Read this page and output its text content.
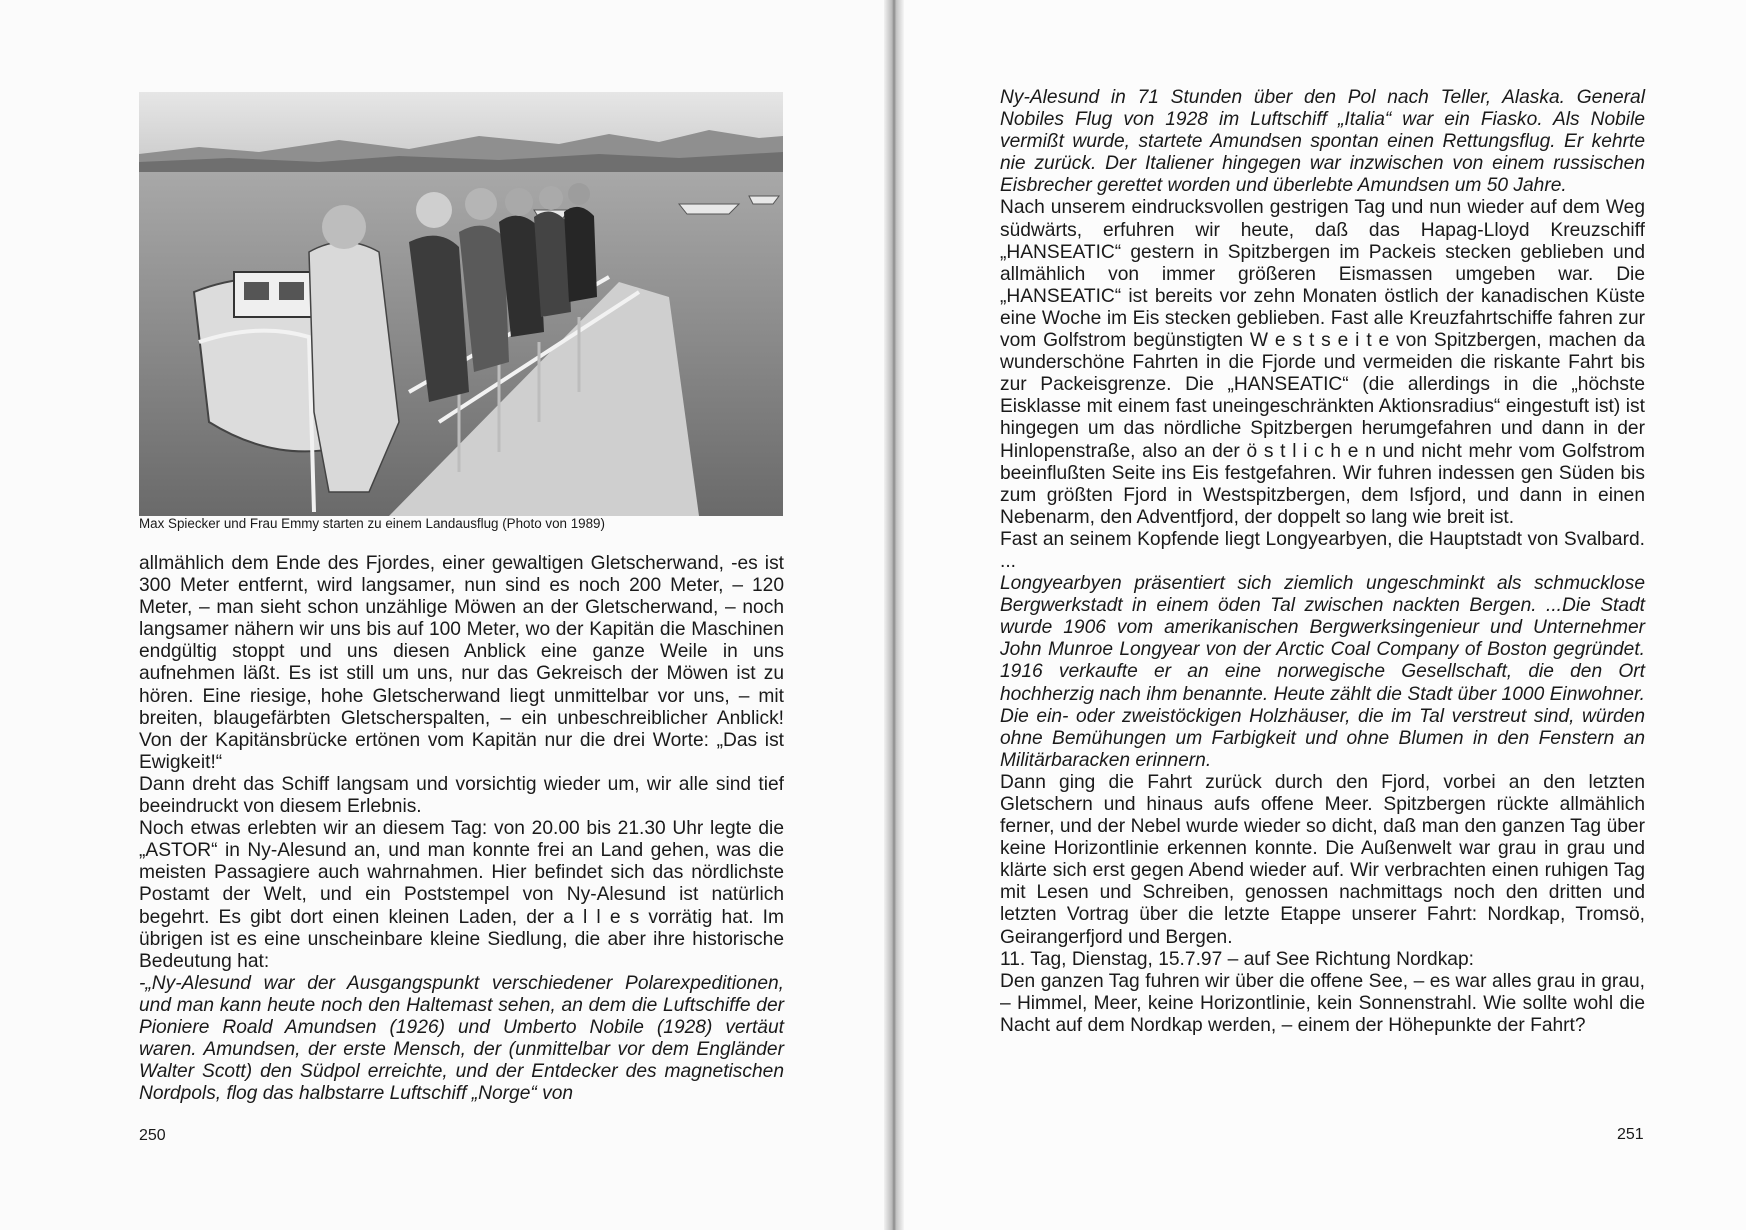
Max Spiecker und Frau Emmy starten zu einem Landausflug (Photo von 1989)

allmählich dem Ende des Fjordes, einer gewaltigen Gletscherwand, -es ist 300 Meter entfernt, wird langsamer, nun sind es noch 200 Meter, – 120 Meter, – man sieht schon unzählige Möwen an der Gletscherwand, – noch langsamer nähern wir uns bis auf 100 Meter, wo der Kapitän die Maschinen endgültig stoppt und uns diesen Anblick eine ganze Weile in uns aufnehmen läßt. Es ist still um uns, nur das Gekreisch der Möwen ist zu hören. Eine riesige, hohe Gletscherwand liegt unmittelbar vor uns, – mit breiten, blaugefärbten Gletscherspalten, – ein unbeschreiblicher Anblick! Von der Kapitänsbrücke ertönen vom Kapitän nur die drei Worte: „Das ist Ewigkeit!“

Dann dreht das Schiff langsam und vorsichtig wieder um, wir alle sind tief beeindruckt von diesem Erlebnis.

Noch etwas erlebten wir an diesem Tag: von 20.00 bis 21.30 Uhr legte die „ASTOR“ in Ny-Alesund an, und man konnte frei an Land gehen, was die meisten Passagiere auch wahrnahmen. Hier befindet sich das nördlichste Postamt der Welt, und ein Poststempel von Ny-Alesund ist natürlich begehrt. Es gibt dort einen kleinen Laden, der a l l e s vorrätig hat. Im übrigen ist es eine unscheinbare kleine Siedlung, die aber ihre historische Bedeutung hat:

-„Ny-Alesund war der Ausgangspunkt verschiedener Polarexpeditionen, und man kann heute noch den Haltemast sehen, an dem die Luftschiffe der Pioniere Roald Amundsen (1926) und Umberto Nobile (1928) vertäut waren. Amundsen, der erste Mensch, der (unmittelbar vor dem Engländer Walter Scott) den Südpol erreichte, und der Entdecker des magnetischen Nordpols, flog das halbstarre Luftschiff „Norge“ von

250

Ny-Alesund in 71 Stunden über den Pol nach Teller, Alaska. General Nobiles Flug von 1928 im Luftschiff „Italia“ war ein Fiasko. Als Nobile vermißt wurde, startete Amundsen spontan einen Rettungsflug. Er kehrte nie zurück. Der Italiener hingegen war inzwischen von einem russischen Eisbrecher gerettet worden und überlebte Amundsen um 50 Jahre.

Nach unserem eindrucksvollen gestrigen Tag und nun wieder auf dem Weg südwärts, erfuhren wir heute, daß das Hapag-Lloyd Kreuzschiff „HANSEATIC“ gestern in Spitzbergen im Packeis stecken geblieben und allmählich von immer größeren Eismassen umgeben war. Die „HANSEATIC“ ist bereits vor zehn Monaten östlich der kanadischen Küste eine Woche im Eis stecken geblieben. Fast alle Kreuzfahrtschiffe fahren zur vom Golfstrom begünstigten W e s t s e i t e von Spitzbergen, machen da wunderschöne Fahrten in die Fjorde und vermeiden die riskante Fahrt bis zur Packeisgrenze. Die „HANSEATIC“ (die allerdings in die „höchste Eisklasse mit einem fast uneingeschränkten Aktionsradius“ eingestuft ist) ist hingegen um das nördliche Spitzbergen herumgefahren und dann in der Hinlopenstraße, also an der ö s t l i c h e n und nicht mehr vom Golfstrom beeinflußten Seite ins Eis festgefahren. Wir fuhren indessen gen Süden bis zum größten Fjord in Westspitzbergen, dem Isfjord, und dann in einen Nebenarm, den Adventfjord, der doppelt so lang wie breit ist.

Fast an seinem Kopfende liegt Longyearbyen, die Hauptstadt von Svalbard. ...

Longyearbyen präsentiert sich ziemlich ungeschminkt als schmucklose Bergwerkstadt in einem öden Tal zwischen nackten Bergen. ...Die Stadt wurde 1906 vom amerikanischen Bergwerksingenieur und Unternehmer John Munroe Longyear von der Arctic Coal Company of Boston gegründet. 1916 verkaufte er an eine norwegische Gesellschaft, die den Ort hochherzig nach ihm benannte. Heute zählt die Stadt über 1000 Einwohner. Die ein- oder zweistöckigen Holzhäuser, die im Tal verstreut sind, würden ohne Bemühungen um Farbigkeit und ohne Blumen in den Fenstern an Militärbaracken erinnern.

Dann ging die Fahrt zurück durch den Fjord, vorbei an den letzten Gletschern und hinaus aufs offene Meer. Spitzbergen rückte allmählich ferner, und der Nebel wurde wieder so dicht, daß man den ganzen Tag über keine Horizontlinie erkennen konnte. Die Außenwelt war grau in grau und klärte sich erst gegen Abend wieder auf. Wir verbrachten einen ruhigen Tag mit Lesen und Schreiben, genossen nachmittags noch den dritten und letzten Vortrag über die letzte Etappe unserer Fahrt: Nordkap, Tromsö, Geirangerfjord und Bergen.

11. Tag, Dienstag, 15.7.97 – auf See Richtung Nordkap:

Den ganzen Tag fuhren wir über die offene See, – es war alles grau in grau, – Himmel, Meer, keine Horizontlinie, kein Sonnenstrahl. Wie sollte wohl die Nacht auf dem Nordkap werden, – einem der Höhepunkte der Fahrt?

251
